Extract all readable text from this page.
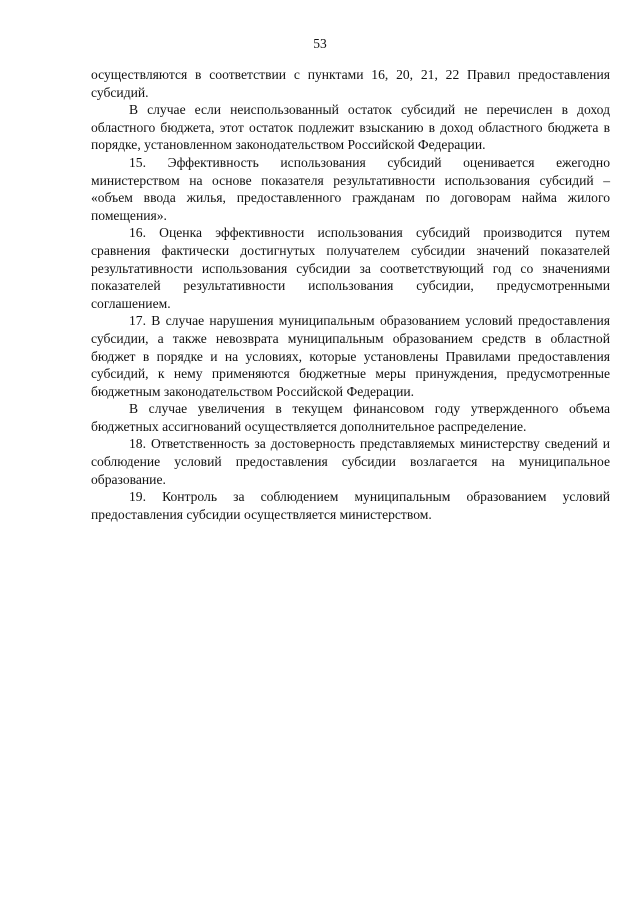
53

осуществляются в соответствии с пунктами 16, 20, 21, 22 Правил предоставления субсидий.

В случае если неиспользованный остаток субсидий не перечислен в доход областного бюджета, этот остаток подлежит взысканию в доход областного бюджета в порядке, установленном законодательством Российской Федерации.

15. Эффективность использования субсидий оценивается ежегодно министерством на основе показателя результативности использования субсидий – «объем ввода жилья, предоставленного гражданам по договорам найма жилого помещения».

16. Оценка эффективности использования субсидий производится путем сравнения фактически достигнутых получателем субсидии значений показателей результативности использования субсидии за соответствующий год со значениями показателей результативности использования субсидии, предусмотренными соглашением.

17. В случае нарушения муниципальным образованием условий предоставления субсидии, а также невозврата муниципальным образованием средств в областной бюджет в порядке и на условиях, которые установлены Правилами предоставления субсидий, к нему применяются бюджетные меры принуждения, предусмотренные бюджетным законодательством Российской Федерации.

В случае увеличения в текущем финансовом году утвержденного объема бюджетных ассигнований осуществляется дополнительное распределение.

18. Ответственность за достоверность представляемых министерству сведений и соблюдение условий предоставления субсидии возлагается на муниципальное образование.

19. Контроль за соблюдением муниципальным образованием условий предоставления субсидии осуществляется министерством.
